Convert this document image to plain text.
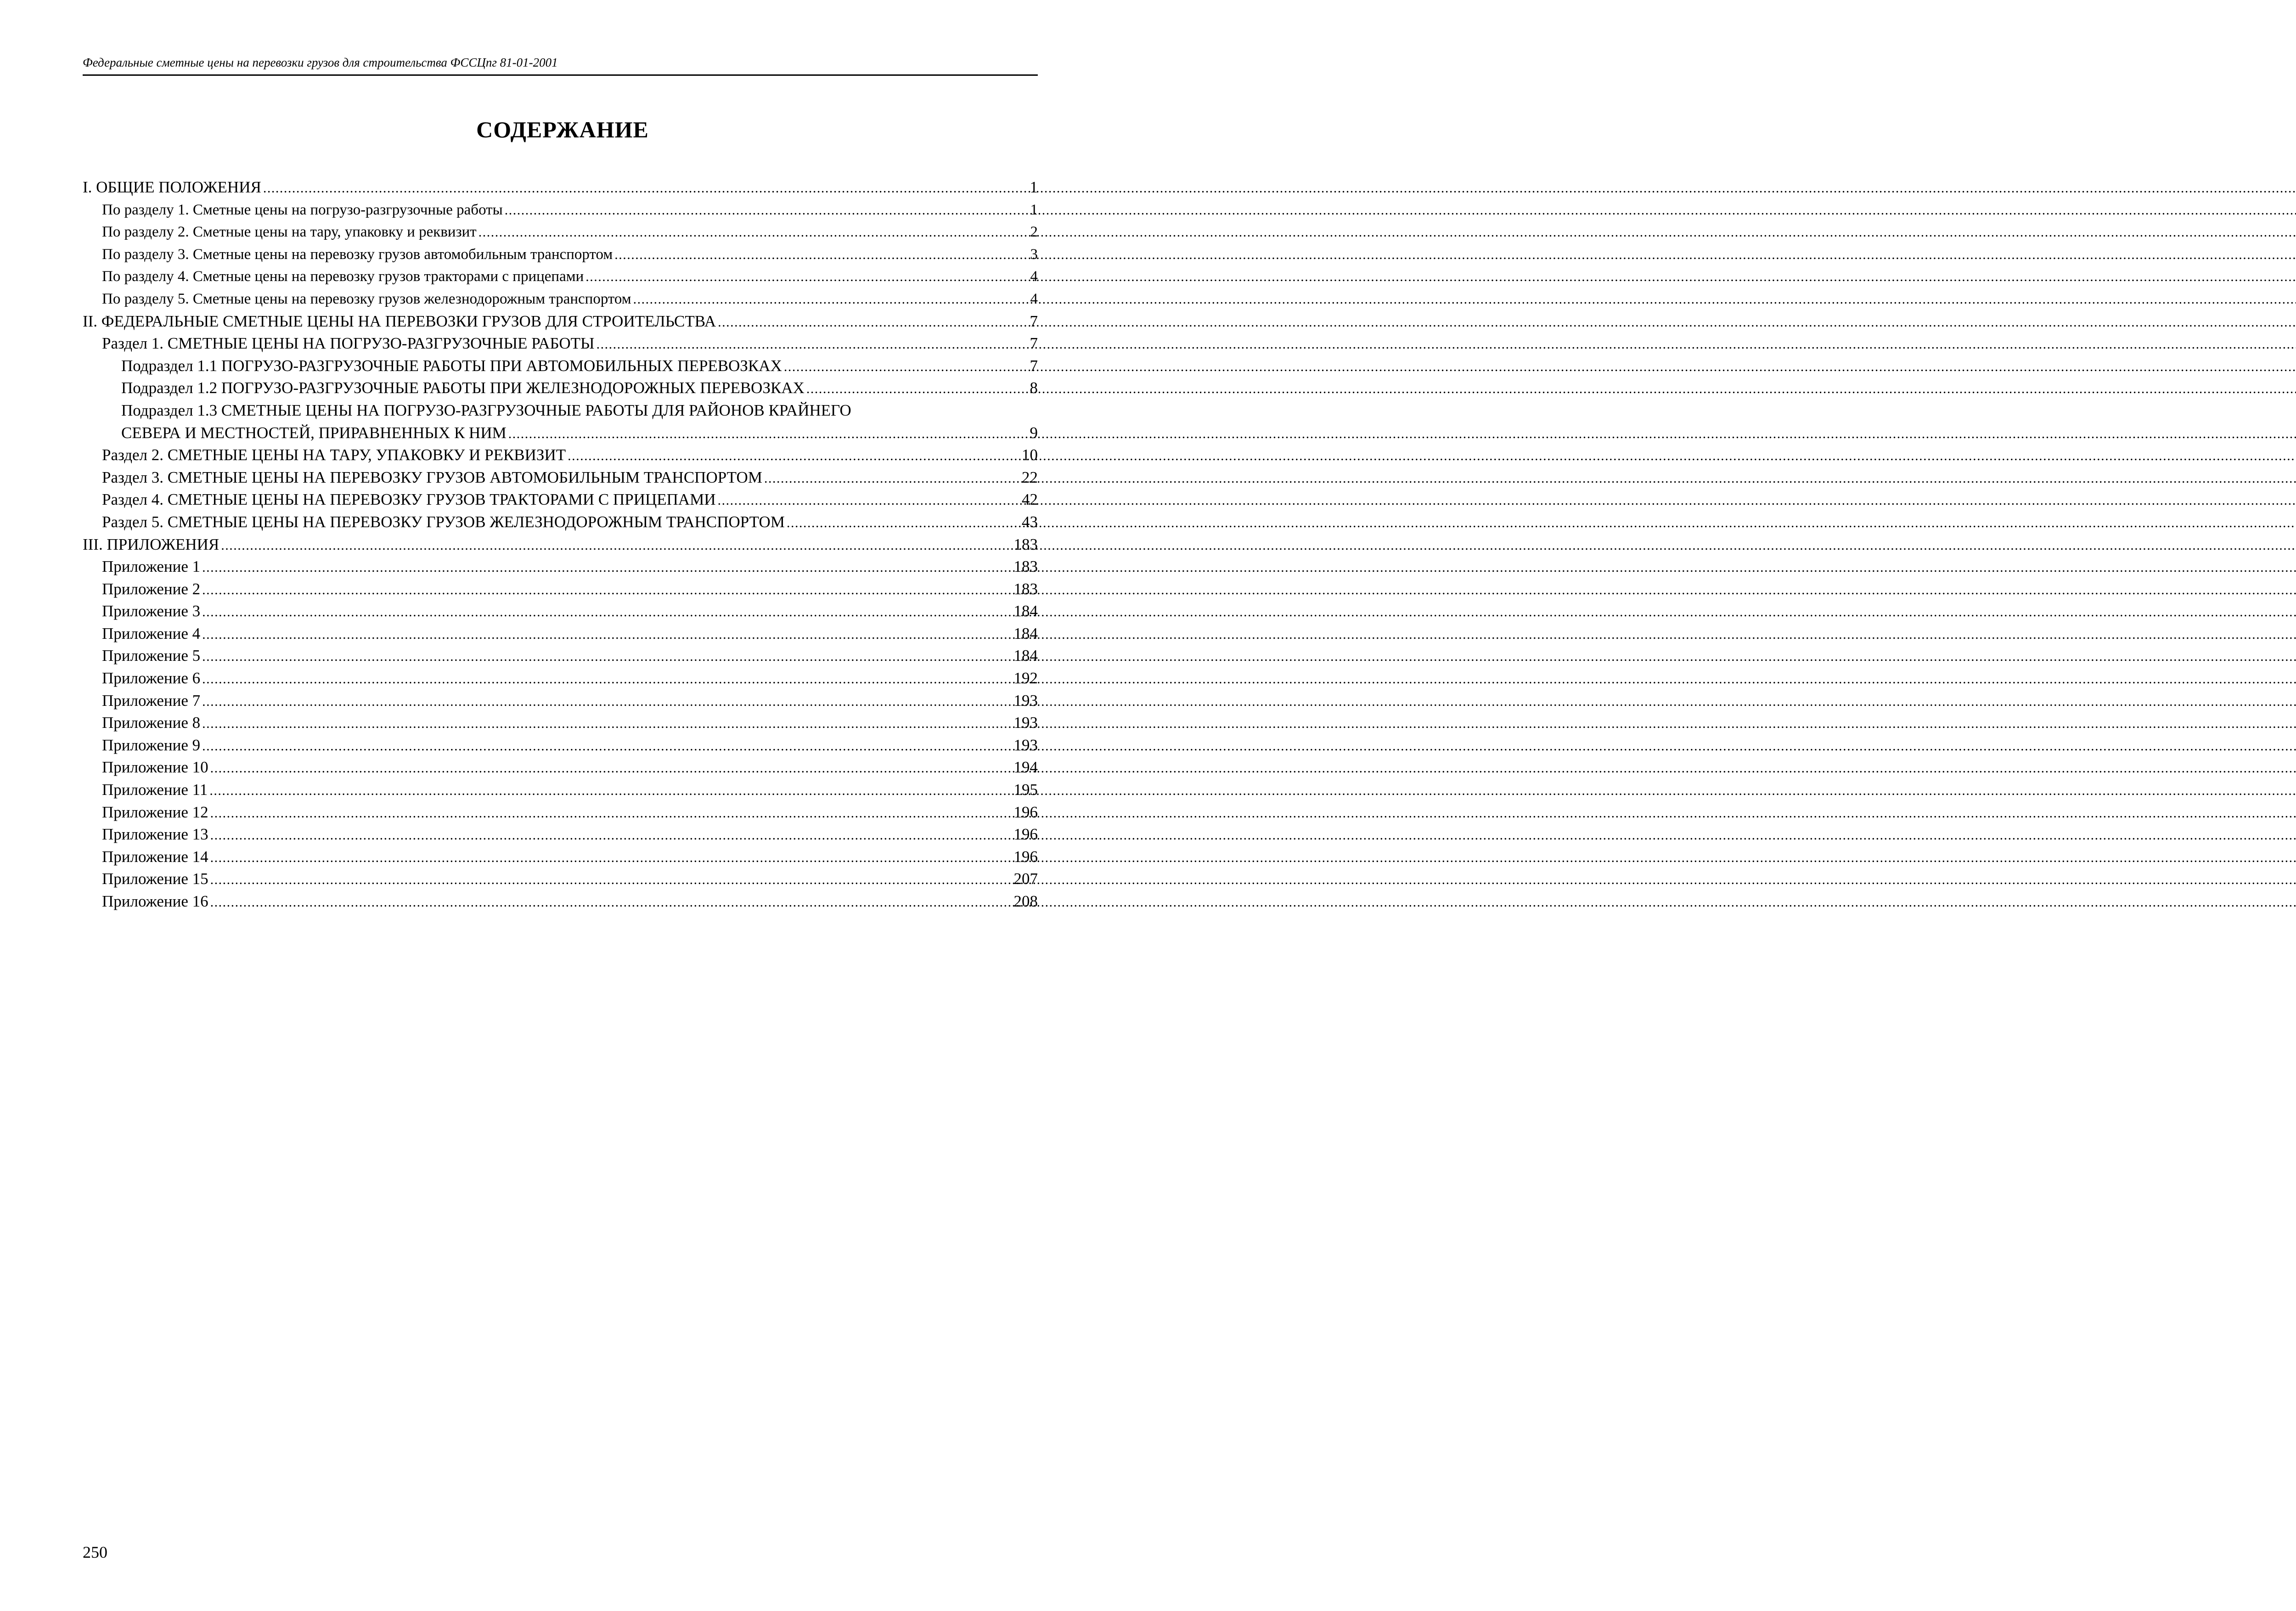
Федеральные сметные цены на перевозки грузов для строительства ФССЦпг 81-01-2001
СОДЕРЖАНИЕ
I. ОБЩИЕ ПОЛОЖЕНИЯ .....	1
По разделу 1. Сметные цены на погрузо-разгрузочные работы .....	1
По разделу 2. Сметные цены на тару, упаковку и реквизит .....	2
По разделу 3. Сметные цены на перевозку грузов автомобильным транспортом .....	3
По разделу 4. Сметные цены на перевозку грузов тракторами с прицепами .....	4
По разделу 5. Сметные цены на перевозку грузов железнодорожным транспортом .....	4
II. ФЕДЕРАЛЬНЫЕ СМЕТНЫЕ ЦЕНЫ НА ПЕРЕВОЗКИ ГРУЗОВ ДЛЯ СТРОИТЕЛЬСТВА .....	7
Раздел 1. СМЕТНЫЕ ЦЕНЫ НА ПОГРУЗО-РАЗГРУЗОЧНЫЕ РАБОТЫ .....	7
Подраздел 1.1 ПОГРУЗО-РАЗГРУЗОЧНЫЕ РАБОТЫ ПРИ АВТОМОБИЛЬНЫХ ПЕРЕВОЗКАХ .....	7
Подраздел 1.2 ПОГРУЗО-РАЗГРУЗОЧНЫЕ РАБОТЫ ПРИ ЖЕЛЕЗНОДОРОЖНЫХ ПЕРЕВОЗКАХ .....	8
Подраздел 1.3 СМЕТНЫЕ ЦЕНЫ НА ПОГРУЗО-РАЗГРУЗОЧНЫЕ РАБОТЫ ДЛЯ РАЙОНОВ КРАЙНЕГО
СЕВЕРА И МЕСТНОСТЕЙ, ПРИРАВНЕННЫХ К НИМ .....	9
Раздел 2. СМЕТНЫЕ ЦЕНЫ НА ТАРУ, УПАКОВКУ И РЕКВИЗИТ .....	10
Раздел 3. СМЕТНЫЕ ЦЕНЫ НА ПЕРЕВОЗКУ ГРУЗОВ АВТОМОБИЛЬНЫМ ТРАНСПОРТОМ .....	22
Раздел 4. СМЕТНЫЕ ЦЕНЫ НА ПЕРЕВОЗКУ ГРУЗОВ ТРАКТОРАМИ С ПРИЦЕПАМИ .....	42
Раздел 5. СМЕТНЫЕ ЦЕНЫ НА ПЕРЕВОЗКУ ГРУЗОВ ЖЕЛЕЗНОДОРОЖНЫМ ТРАНСПОРТОМ .....	43
III. ПРИЛОЖЕНИЯ .....	183
Приложение 1 .....	183
Приложение 2 .....	183
Приложение 3 .....	184
Приложение 4 .....	184
Приложение 5 .....	184
Приложение 6 .....	192
Приложение 7 .....	193
Приложение 8 .....	193
Приложение 9 .....	193
Приложение 10 .....	194
Приложение 11 .....	195
Приложение 12 .....	196
Приложение 13 .....	196
Приложение 14 .....	196
Приложение 15 .....	207
Приложение 16 .....	208
250
